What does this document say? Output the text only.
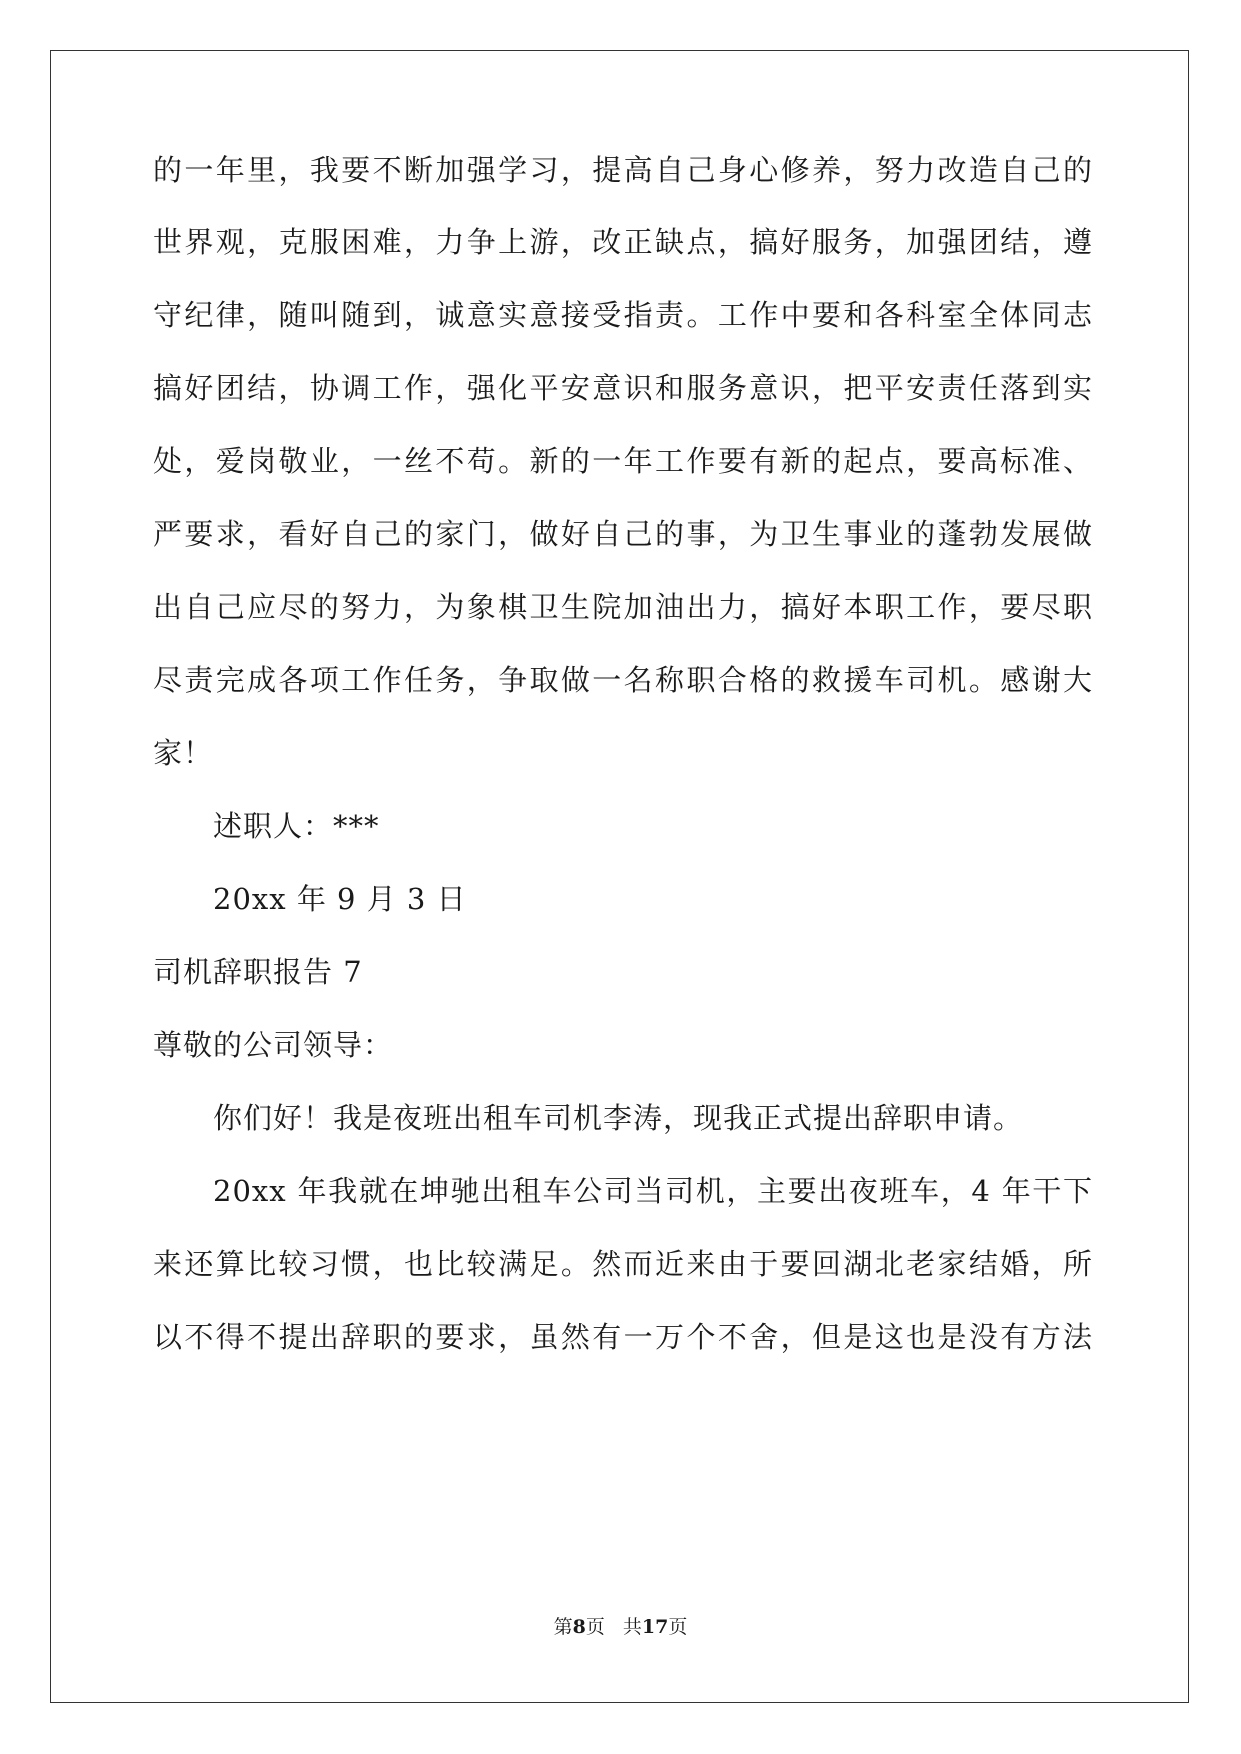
的一年里，我要不断加强学习，提高自己身心修养，努力改造自己的
世界观，克服困难，力争上游，改正缺点，搞好服务，加强团结，遵
守纪律，随叫随到，诚意实意接受指责。工作中要和各科室全体同志
搞好团结，协调工作，强化平安意识和服务意识，把平安责任落到实
处，爱岗敬业，一丝不苟。新的一年工作要有新的起点，要高标准、
严要求，看好自己的家门，做好自己的事，为卫生事业的蓬勃发展做
出自己应尽的努力，为象棋卫生院加油出力，搞好本职工作，要尽职
尽责完成各项工作任务，争取做一名称职合格的救援车司机。感谢大
家！
述职人：***
20xx 年 9 月 3 日
司机辞职报告 7
尊敬的公司领导：
你们好！我是夜班出租车司机李涛，现我正式提出辞职申请。
20xx 年我就在坤驰出租车公司当司机，主要出夜班车，4 年干下
来还算比较习惯，也比较满足。然而近来由于要回湖北老家结婚，所
以不得不提出辞职的要求，虽然有一万个不舍，但是这也是没有方法
第8页 共17页
